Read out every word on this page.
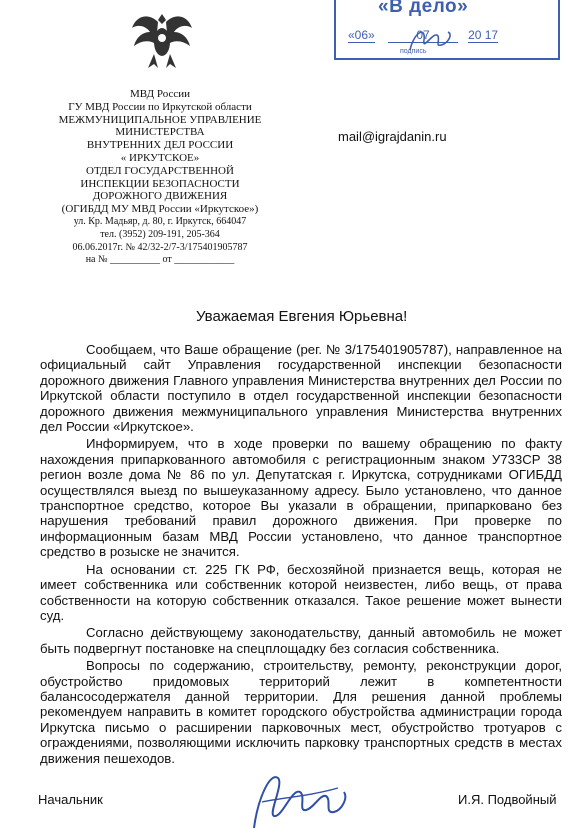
«В дело»
«06»	07	20 17
подпись
МВД России
ГУ МВД России по Иркутской области
МЕЖМУНИЦИПАЛЬНОЕ УПРАВЛЕНИЕ
МИНИСТЕРСТВА
ВНУТРЕННИХ ДЕЛ РОССИИ
« ИРКУТСКОЕ»
ОТДЕЛ ГОСУДАРСТВЕННОЙ
ИНСПЕКЦИИ БЕЗОПАСНОСТИ
ДОРОЖНОГО ДВИЖЕНИЯ
(ОГИБДД МУ МВД России «Иркутское»)
ул. Кр. Мадьяр, д. 80, г. Иркутск, 664047
тел. (3952) 209-191, 205-364
06.06.2017г. № 42/32-2/7-3/175401905787
на № __________ от ____________
mail@igrajdanin.ru
Уважаемая Евгения Юрьевна!

Сообщаем, что Ваше обращение (рег. № 3/175401905787), направленное на официальный сайт Управления государственной инспекции безопасности дорожного движения Главного управления Министерства внутренних дел России по Иркутской области поступило в отдел государственной инспекции безопасности дорожного движения межмуниципального управления Министерства внутренних дел России «Иркутское».

Информируем, что в ходе проверки по вашему обращению по факту нахождения припаркованного автомобиля с регистрационным знаком У733СР 38 регион возле дома № 86 по ул. Депутатская г. Иркутска, сотрудниками ОГИБДД осуществлялся выезд по вышеуказанному адресу. Было установлено, что данное транспортное средство, которое Вы указали в обращении, припарковано без нарушения требований правил дорожного движения. При проверке по информационным базам МВД России установлено, что данное транспортное средство в розыске не значится.

На основании ст. 225 ГК РФ, бесхозяйной признается вещь, которая не имеет собственника или собственник которой неизвестен, либо вещь, от права собственности на которую собственник отказался. Такое решение может вынести суд.

Согласно действующему законодательству, данный автомобиль не может быть подвергнут постановке на спецплощадку без согласия собственника.

Вопросы по содержанию, строительству, ремонту, реконструкции дорог, обустройство придомовых территорий лежит в компетентности балансосодержателя данной территории. Для решения данной проблемы рекомендуем направить в комитет городского обустройства администрации города Иркутска письмо о расширении парковочных мест, обустройство тротуаров с ограждениями, позволяющими исключить парковку транспортных средств в местах движения пешеходов.

Начальник	И.Я. Подвойный
